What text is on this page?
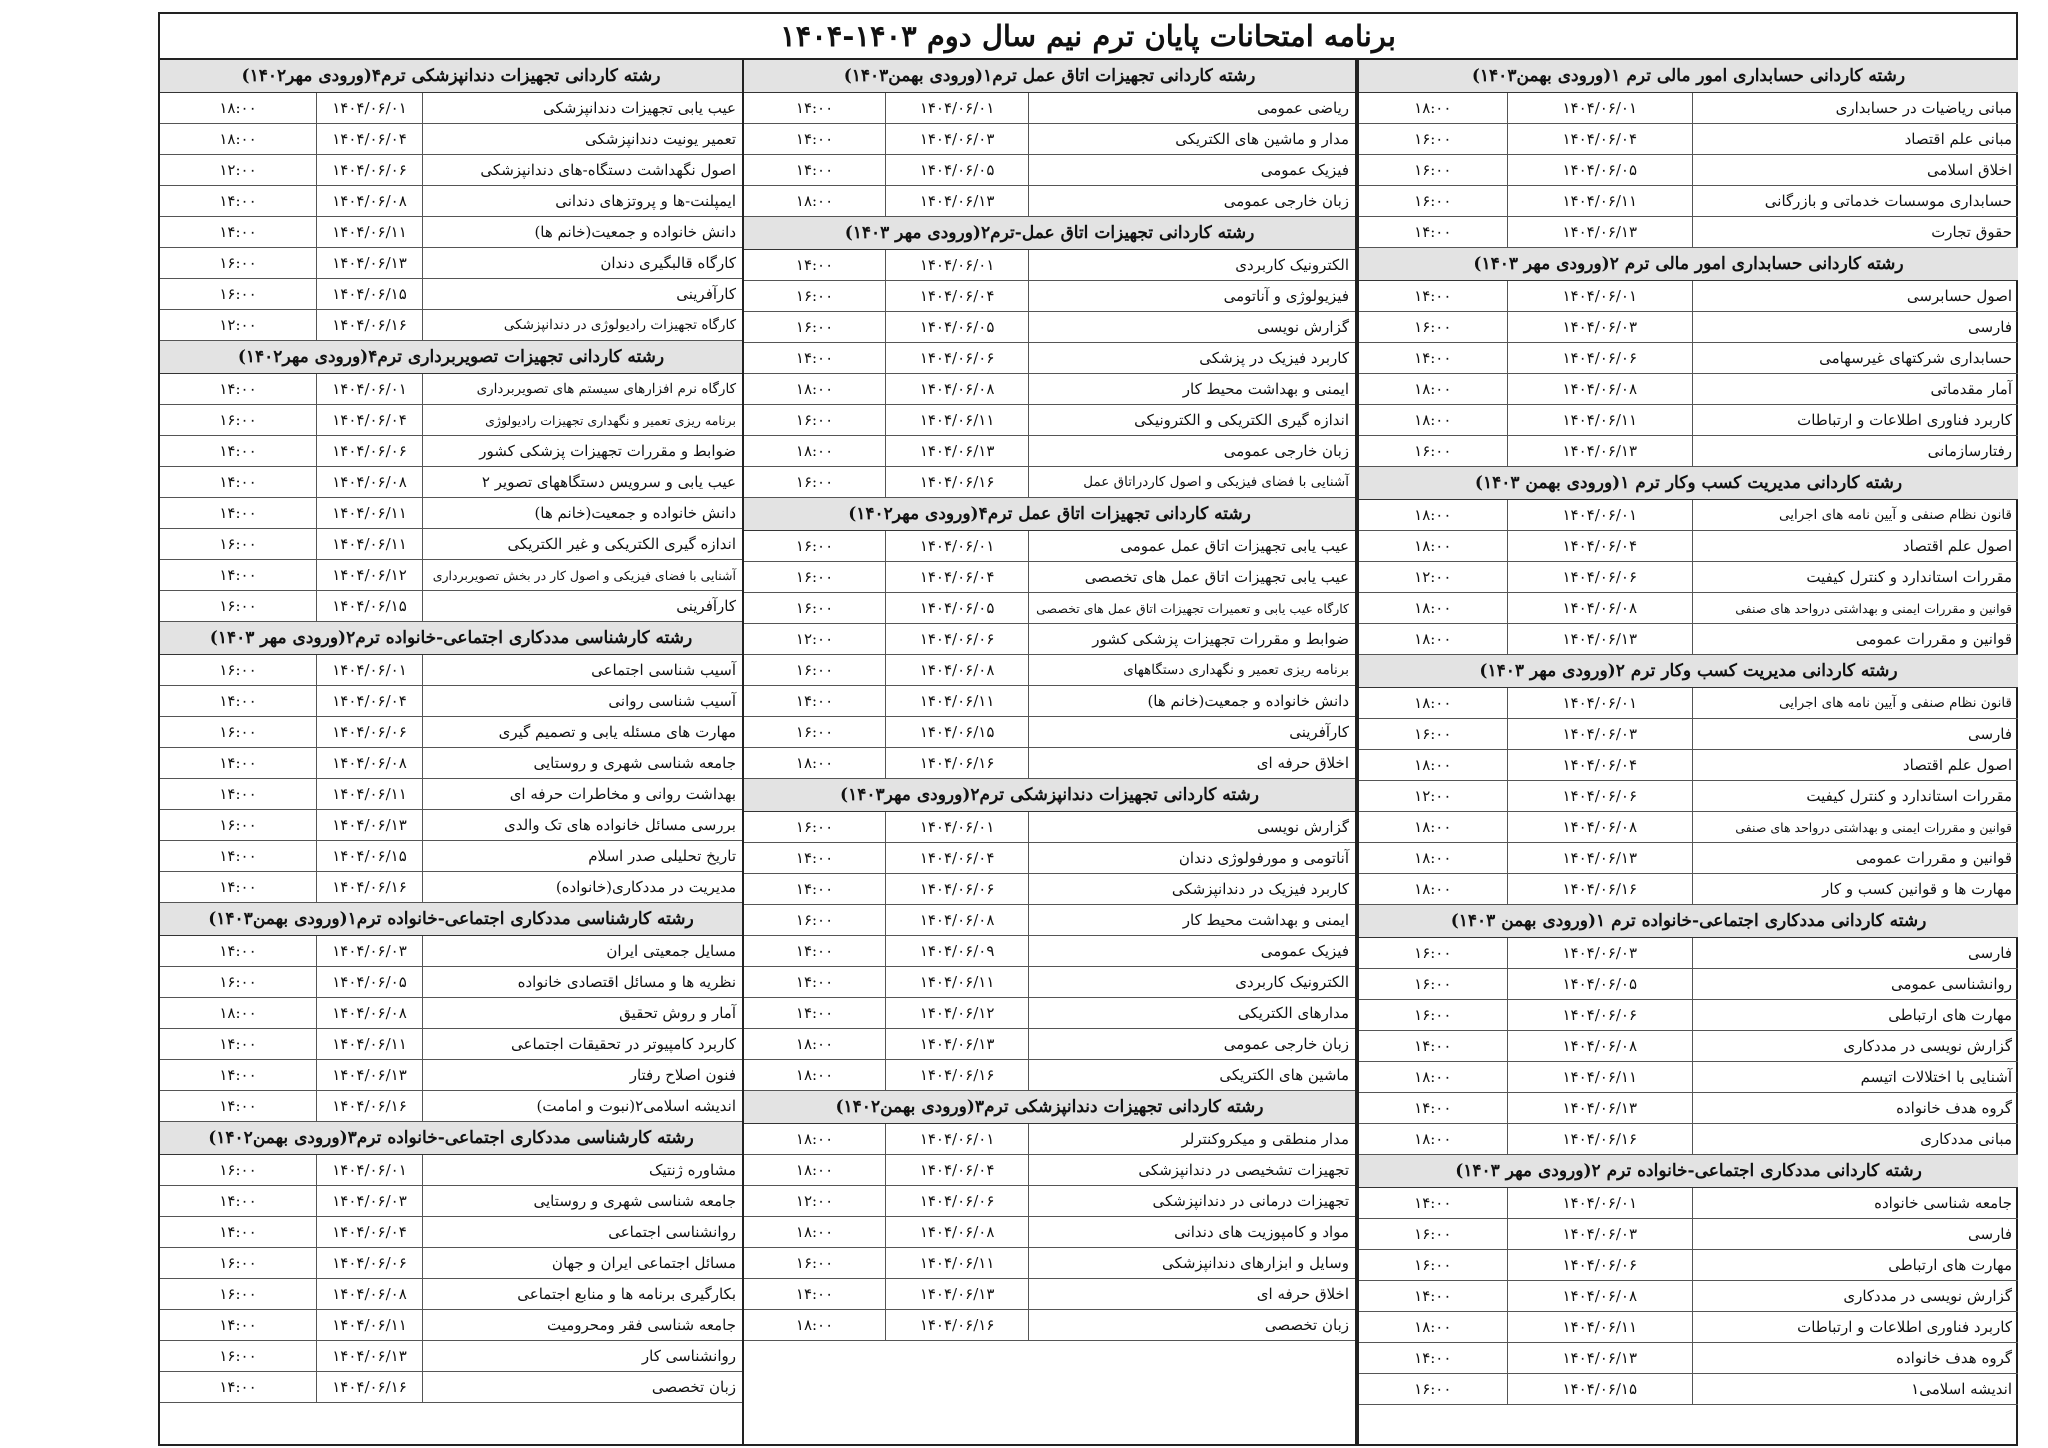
برنامه امتحانات پایان ترم نیم سال دوم ۱۴۰۳-۱۴۰۴
رشته کاردانی حسابداری امور مالی ترم ۱(ورودی بهمن۱۴۰۳)
مبانی ریاضیات در حسابداری
۱۴۰۴/۰۶/۰۱
۱۸:۰۰
مبانی علم اقتصاد
۱۴۰۴/۰۶/۰۴
۱۶:۰۰
اخلاق اسلامی
۱۴۰۴/۰۶/۰۵
۱۶:۰۰
حسابداری موسسات خدماتی و بازرگانی
۱۴۰۴/۰۶/۱۱
۱۶:۰۰
حقوق تجارت
۱۴۰۴/۰۶/۱۳
۱۴:۰۰
رشته کاردانی حسابداری امور مالی ترم ۲(ورودی مهر ۱۴۰۳)
اصول حسابرسی
۱۴۰۴/۰۶/۰۱
۱۴:۰۰
فارسی
۱۴۰۴/۰۶/۰۳
۱۶:۰۰
حسابداری شرکتهای غیرسهامی
۱۴۰۴/۰۶/۰۶
۱۴:۰۰
آمار مقدماتی
۱۴۰۴/۰۶/۰۸
۱۸:۰۰
کاربرد فناوری اطلاعات و ارتباطات
۱۴۰۴/۰۶/۱۱
۱۸:۰۰
رفتارسازمانی
۱۴۰۴/۰۶/۱۳
۱۶:۰۰
رشته کاردانی مدیریت کسب وکار ترم ۱(ورودی بهمن ۱۴۰۳)
قانون نظام صنفی و آیین نامه های اجرایی
۱۴۰۴/۰۶/۰۱
۱۸:۰۰
اصول علم اقتصاد
۱۴۰۴/۰۶/۰۴
۱۸:۰۰
مقررات استاندارد و کنترل کیفیت
۱۴۰۴/۰۶/۰۶
۱۲:۰۰
قوانین و مقررات ایمنی و بهداشتی درواحد های صنفی
۱۴۰۴/۰۶/۰۸
۱۸:۰۰
قوانین و مقررات عمومی
۱۴۰۴/۰۶/۱۳
۱۸:۰۰
رشته کاردانی مدیریت کسب وکار ترم ۲(ورودی مهر ۱۴۰۳)
قانون نظام صنفی و آیین نامه های اجرایی
۱۴۰۴/۰۶/۰۱
۱۸:۰۰
فارسی
۱۴۰۴/۰۶/۰۳
۱۶:۰۰
اصول علم اقتصاد
۱۴۰۴/۰۶/۰۴
۱۸:۰۰
مقررات استاندارد و کنترل کیفیت
۱۴۰۴/۰۶/۰۶
۱۲:۰۰
قوانین و مقررات ایمنی و بهداشتی درواحد های صنفی
۱۴۰۴/۰۶/۰۸
۱۸:۰۰
قوانین و مقررات عمومی
۱۴۰۴/۰۶/۱۳
۱۸:۰۰
مهارت ها و قوانین کسب و کار
۱۴۰۴/۰۶/۱۶
۱۸:۰۰
رشته کاردانی مددکاری اجتماعی-خانواده ترم ۱(ورودی بهمن ۱۴۰۳)
فارسی
۱۴۰۴/۰۶/۰۳
۱۶:۰۰
روانشناسی عمومی
۱۴۰۴/۰۶/۰۵
۱۶:۰۰
مهارت های ارتباطی
۱۴۰۴/۰۶/۰۶
۱۶:۰۰
گزارش نویسی در مددکاری
۱۴۰۴/۰۶/۰۸
۱۴:۰۰
آشنایی با اختلالات اتیسم
۱۴۰۴/۰۶/۱۱
۱۸:۰۰
گروه هدف خانواده
۱۴۰۴/۰۶/۱۳
۱۴:۰۰
مبانی مددکاری
۱۴۰۴/۰۶/۱۶
۱۸:۰۰
رشته کاردانی مددکاری اجتماعی-خانواده ترم ۲(ورودی مهر ۱۴۰۳)
جامعه شناسی خانواده
۱۴۰۴/۰۶/۰۱
۱۴:۰۰
فارسی
۱۴۰۴/۰۶/۰۳
۱۶:۰۰
مهارت های ارتباطی
۱۴۰۴/۰۶/۰۶
۱۶:۰۰
گزارش نویسی در مددکاری
۱۴۰۴/۰۶/۰۸
۱۴:۰۰
کاربرد فناوری اطلاعات و ارتباطات
۱۴۰۴/۰۶/۱۱
۱۸:۰۰
گروه هدف خانواده
۱۴۰۴/۰۶/۱۳
۱۴:۰۰
اندیشه اسلامی۱
۱۴۰۴/۰۶/۱۵
۱۶:۰۰
رشته کاردانی تجهیزات اتاق عمل ترم۱(ورودی بهمن۱۴۰۳)
ریاضی عمومی
۱۴۰۴/۰۶/۰۱
۱۴:۰۰
مدار و ماشین های الکتریکی
۱۴۰۴/۰۶/۰۳
۱۴:۰۰
فیزیک عمومی
۱۴۰۴/۰۶/۰۵
۱۴:۰۰
زبان خارجی عمومی
۱۴۰۴/۰۶/۱۳
۱۸:۰۰
رشته کاردانی تجهیزات اتاق عمل-ترم۲(ورودی مهر ۱۴۰۳)
الکترونیک کاربردی
۱۴۰۴/۰۶/۰۱
۱۴:۰۰
فیزیولوژی و آناتومی
۱۴۰۴/۰۶/۰۴
۱۶:۰۰
گزارش نویسی
۱۴۰۴/۰۶/۰۵
۱۶:۰۰
کاربرد فیزیک در پزشکی
۱۴۰۴/۰۶/۰۶
۱۴:۰۰
ایمنی و بهداشت محیط کار
۱۴۰۴/۰۶/۰۸
۱۸:۰۰
اندازه گیری الکتریکی و الکترونیکی
۱۴۰۴/۰۶/۱۱
۱۶:۰۰
زبان خارجی عمومی
۱۴۰۴/۰۶/۱۳
۱۸:۰۰
آشنایی با فضای فیزیکی و اصول کاردراتاق عمل
۱۴۰۴/۰۶/۱۶
۱۶:۰۰
رشته کاردانی تجهیزات اتاق عمل ترم۴(ورودی مهر۱۴۰۲)
عیب یابی تجهیزات اتاق عمل عمومی
۱۴۰۴/۰۶/۰۱
۱۶:۰۰
عیب یابی تجهیزات اتاق عمل های تخصصی
۱۴۰۴/۰۶/۰۴
۱۶:۰۰
کارگاه عیب یابی و تعمیرات تجهیزات اتاق عمل های تخصصی
۱۴۰۴/۰۶/۰۵
۱۶:۰۰
ضوابط و مقررات تجهیزات پزشکی کشور
۱۴۰۴/۰۶/۰۶
۱۲:۰۰
برنامه ریزی تعمیر و نگهداری دستگاههای
۱۴۰۴/۰۶/۰۸
۱۶:۰۰
دانش خانواده و جمعیت(خانم ها)
۱۴۰۴/۰۶/۱۱
۱۴:۰۰
کارآفرینی
۱۴۰۴/۰۶/۱۵
۱۶:۰۰
اخلاق حرفه ای
۱۴۰۴/۰۶/۱۶
۱۸:۰۰
رشته کاردانی تجهیزات دندانپزشکی ترم۲(ورودی مهر۱۴۰۳)
گزارش نویسی
۱۴۰۴/۰۶/۰۱
۱۶:۰۰
آناتومی و مورفولوژی دندان
۱۴۰۴/۰۶/۰۴
۱۴:۰۰
کاربرد فیزیک در دندانپزشکی
۱۴۰۴/۰۶/۰۶
۱۴:۰۰
ایمنی و بهداشت محیط کار
۱۴۰۴/۰۶/۰۸
۱۶:۰۰
فیزیک عمومی
۱۴۰۴/۰۶/۰۹
۱۴:۰۰
الکترونیک کاربردی
۱۴۰۴/۰۶/۱۱
۱۴:۰۰
مدارهای الکتریکی
۱۴۰۴/۰۶/۱۲
۱۴:۰۰
زبان خارجی عمومی
۱۴۰۴/۰۶/۱۳
۱۸:۰۰
ماشین های الکتریکی
۱۴۰۴/۰۶/۱۶
۱۸:۰۰
رشته کاردانی تجهیزات دندانپزشکی ترم۳(ورودی بهمن۱۴۰۲)
مدار منطقی و میکروکنترلر
۱۴۰۴/۰۶/۰۱
۱۸:۰۰
تجهیزات تشخیصی در دندانپزشکی
۱۴۰۴/۰۶/۰۴
۱۸:۰۰
تجهیزات درمانی در دندانپزشکی
۱۴۰۴/۰۶/۰۶
۱۲:۰۰
مواد و کامپوزیت های دندانی
۱۴۰۴/۰۶/۰۸
۱۸:۰۰
وسایل و ابزارهای دندانپزشکی
۱۴۰۴/۰۶/۱۱
۱۶:۰۰
اخلاق حرفه ای
۱۴۰۴/۰۶/۱۳
۱۴:۰۰
زبان تخصصی
۱۴۰۴/۰۶/۱۶
۱۸:۰۰
رشته کاردانی تجهیزات دندانپزشکی ترم۴(ورودی مهر۱۴۰۲)
عیب یابی تجهیزات دندانپزشکی
۱۴۰۴/۰۶/۰۱
۱۸:۰۰
تعمیر یونیت دندانپزشکی
۱۴۰۴/۰۶/۰۴
۱۸:۰۰
اصول نگهداشت دستگاه-های دندانپزشکی
۱۴۰۴/۰۶/۰۶
۱۲:۰۰
ایمپلنت-ها و پروتزهای دندانی
۱۴۰۴/۰۶/۰۸
۱۴:۰۰
دانش خانواده و جمعیت(خانم ها)
۱۴۰۴/۰۶/۱۱
۱۴:۰۰
کارگاه قالبگیری دندان
۱۴۰۴/۰۶/۱۳
۱۶:۰۰
کارآفرینی
۱۴۰۴/۰۶/۱۵
۱۶:۰۰
کارگاه تجهیزات رادیولوژی در دندانپزشکی
۱۴۰۴/۰۶/۱۶
۱۲:۰۰
رشته کاردانی تجهیزات تصویربرداری ترم۴(ورودی مهر۱۴۰۲)
کارگاه نرم افزارهای سیستم های تصویربرداری
۱۴۰۴/۰۶/۰۱
۱۴:۰۰
برنامه ریزی تعمیر و نگهداری تجهیزات رادیولوژی
۱۴۰۴/۰۶/۰۴
۱۶:۰۰
ضوابط و مقررات تجهیزات پزشکی کشور
۱۴۰۴/۰۶/۰۶
۱۴:۰۰
عیب یابی و سرویس دستگاههای تصویر ۲
۱۴۰۴/۰۶/۰۸
۱۴:۰۰
دانش خانواده و جمعیت(خانم ها)
۱۴۰۴/۰۶/۱۱
۱۴:۰۰
اندازه گیری الکتریکی و غیر الکتریکی
۱۴۰۴/۰۶/۱۱
۱۶:۰۰
آشنایی با فضای فیزیکی و اصول کار در بخش تصویربرداری
۱۴۰۴/۰۶/۱۲
۱۴:۰۰
کارآفرینی
۱۴۰۴/۰۶/۱۵
۱۶:۰۰
رشته کارشناسی مددکاری اجتماعی-خانواده ترم۲(ورودی مهر ۱۴۰۳)
آسیب شناسی اجتماعی
۱۴۰۴/۰۶/۰۱
۱۶:۰۰
آسیب شناسی روانی
۱۴۰۴/۰۶/۰۴
۱۴:۰۰
مهارت های مسئله یابی و تصمیم گیری
۱۴۰۴/۰۶/۰۶
۱۶:۰۰
جامعه شناسی شهری و روستایی
۱۴۰۴/۰۶/۰۸
۱۴:۰۰
بهداشت روانی و مخاطرات حرفه ای
۱۴۰۴/۰۶/۱۱
۱۴:۰۰
بررسی مسائل خانواده های تک والدی
۱۴۰۴/۰۶/۱۳
۱۶:۰۰
تاریخ تحلیلی صدر اسلام
۱۴۰۴/۰۶/۱۵
۱۴:۰۰
مدیریت در مددکاری(خانواده)
۱۴۰۴/۰۶/۱۶
۱۴:۰۰
رشته کارشناسی مددکاری اجتماعی-خانواده ترم۱(ورودی بهمن۱۴۰۳)
مسایل جمعیتی ایران
۱۴۰۴/۰۶/۰۳
۱۴:۰۰
نظریه ها و مسائل اقتصادی خانواده
۱۴۰۴/۰۶/۰۵
۱۶:۰۰
آمار و روش تحقیق
۱۴۰۴/۰۶/۰۸
۱۸:۰۰
کاربرد کامپیوتر در تحقیقات اجتماعی
۱۴۰۴/۰۶/۱۱
۱۴:۰۰
فنون اصلاح رفتار
۱۴۰۴/۰۶/۱۳
۱۴:۰۰
اندیشه اسلامی۲(نبوت و امامت)
۱۴۰۴/۰۶/۱۶
۱۴:۰۰
رشته کارشناسی مددکاری اجتماعی-خانواده ترم۳(ورودی بهمن۱۴۰۲)
مشاوره ژنتیک
۱۴۰۴/۰۶/۰۱
۱۶:۰۰
جامعه شناسی شهری و روستایی
۱۴۰۴/۰۶/۰۳
۱۴:۰۰
روانشناسی اجتماعی
۱۴۰۴/۰۶/۰۴
۱۴:۰۰
مسائل اجتماعی ایران و جهان
۱۴۰۴/۰۶/۰۶
۱۶:۰۰
بکارگیری برنامه ها و منابع اجتماعی
۱۴۰۴/۰۶/۰۸
۱۶:۰۰
جامعه شناسی فقر ومحرومیت
۱۴۰۴/۰۶/۱۱
۱۴:۰۰
روانشناسی کار
۱۴۰۴/۰۶/۱۳
۱۶:۰۰
زبان تخصصی
۱۴۰۴/۰۶/۱۶
۱۴:۰۰
